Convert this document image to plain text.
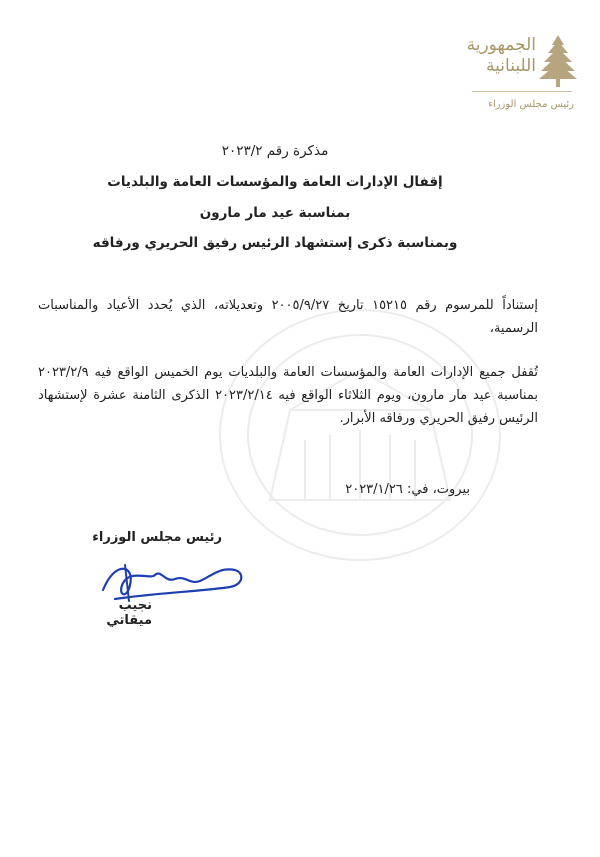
الجمهورية
اللبنانية
رئيس مجلس الوزراء
مذكرة رقم ٢٠٢٣/٢
إقفال الإدارات العامة والمؤسسات العامة والبلديات
بمناسبة عيد مار مارون
وبمناسبة ذكرى إستشهاد الرئيس رفيق الحريري ورفاقه
إستناداً للمرسوم رقم ١٥٢١٥ تاريخ ٢٠٠٥/٩/٢٧ وتعديلاته، الذي يُحدد الأعياد والمناسبات الرسمية،
تُقفل جميع الإدارات العامة والمؤسسات العامة والبلديات يوم الخميس الواقع فيه ٢٠٢٣/٢/٩ بمناسبة عيد مار مارون، ويوم الثلاثاء الواقع فيه ٢٠٢٣/٢/١٤ الذكرى الثامنة عشرة لإستشهاد الرئيس رفيق الحريري ورفاقه الأبرار.
بيروت، في: ٢٠٢٣/١/٢٦
رئيس مجلس الوزراء
نجيب ميقاتي
